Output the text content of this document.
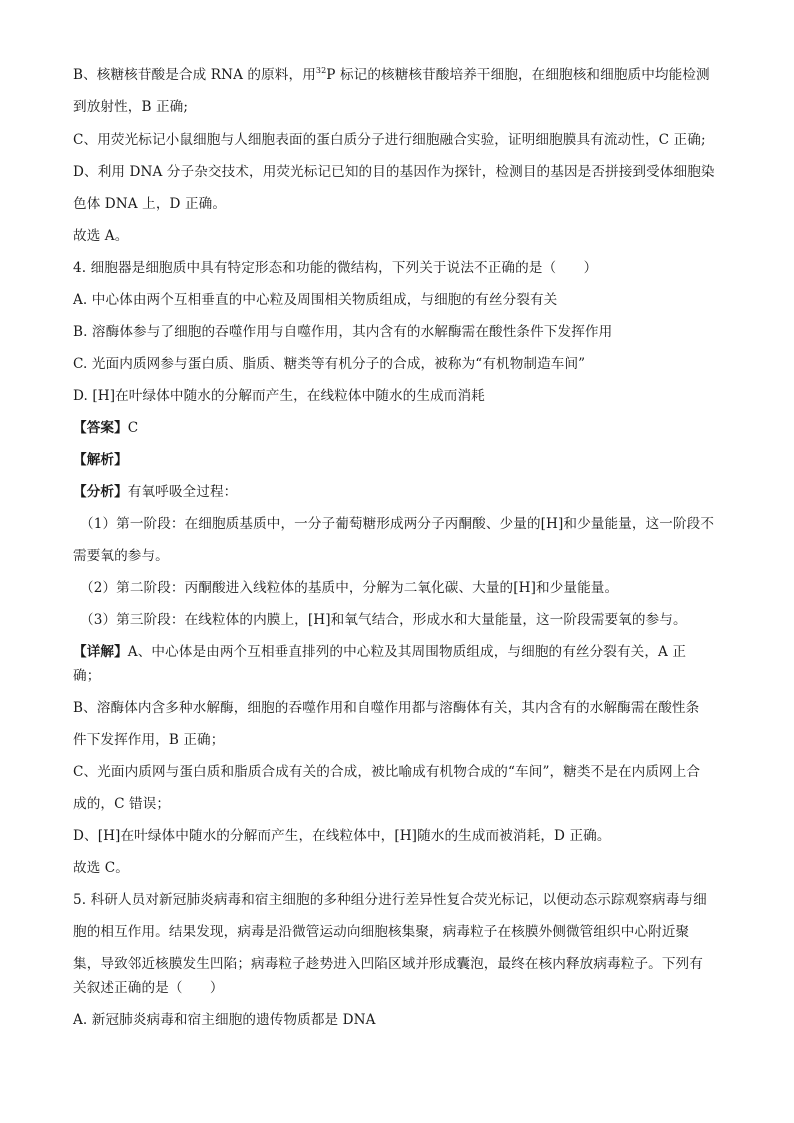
B、核糖核苷酸是合成 RNA 的原料，用$^{32}$P 标记的核糖核苷酸培养干细胞，在细胞核和细胞质中均能检测
到放射性，B 正确;
C、用荧光标记小鼠细胞与人细胞表面的蛋白质分子进行细胞融合实验，证明细胞膜具有流动性，C 正确;
D、利用 DNA 分子杂交技术，用荧光标记已知的目的基因作为探针，检测目的基因是否拼接到受体细胞染
色体 DNA 上，D 正确。
故选 A。
4. 细胞器是细胞质中具有特定形态和功能的微结构，下列关于说法不正确的是（　　）
A. 中心体由两个互相垂直的中心粒及周围相关物质组成，与细胞的有丝分裂有关
B. 溶酶体参与了细胞的吞噬作用与自噬作用，其内含有的水解酶需在酸性条件下发挥作用
C. 光面内质网参与蛋白质、脂质、糖类等有机分子的合成，被称为“有机物制造车间”
D. [H]在叶绿体中随水的分解而产生，在线粒体中随水的生成而消耗
【答案】C
【解析】
【分析】有氧呼吸全过程：
（1）第一阶段：在细胞质基质中，一分子葡萄糖形成两分子丙酮酸、少量的[H]和少量能量，这一阶段不
需要氧的参与。
（2）第二阶段：丙酮酸进入线粒体的基质中，分解为二氧化碳、大量的[H]和少量能量。
（3）第三阶段：在线粒体的内膜上，[H]和氧气结合，形成水和大量能量，这一阶段需要氧的参与。
【详解】A、中心体是由两个互相垂直排列的中心粒及其周围物质组成，与细胞的有丝分裂有关，A 正
确；
B、溶酶体内含多种水解酶，细胞的吞噬作用和自噬作用都与溶酶体有关，其内含有的水解酶需在酸性条
件下发挥作用，B 正确；
C、光面内质网与蛋白质和脂质合成有关的合成，被比喻成有机物合成的“车间”，糖类不是在内质网上合
成的，C 错误；
D、[H]在叶绿体中随水的分解而产生，在线粒体中，[H]随水的生成而被消耗，D 正确。
故选 C。
5. 科研人员对新冠肺炎病毒和宿主细胞的多种组分进行差异性复合荧光标记，以便动态示踪观察病毒与细
胞的相互作用。结果发现，病毒是沿微管运动向细胞核集聚，病毒粒子在核膜外侧微管组织中心附近聚
集，导致邻近核膜发生凹陷；病毒粒子趁势进入凹陷区域并形成囊泡，最终在核内释放病毒粒子。下列有
关叙述正确的是（　　）
A. 新冠肺炎病毒和宿主细胞的遗传物质都是 DNA
